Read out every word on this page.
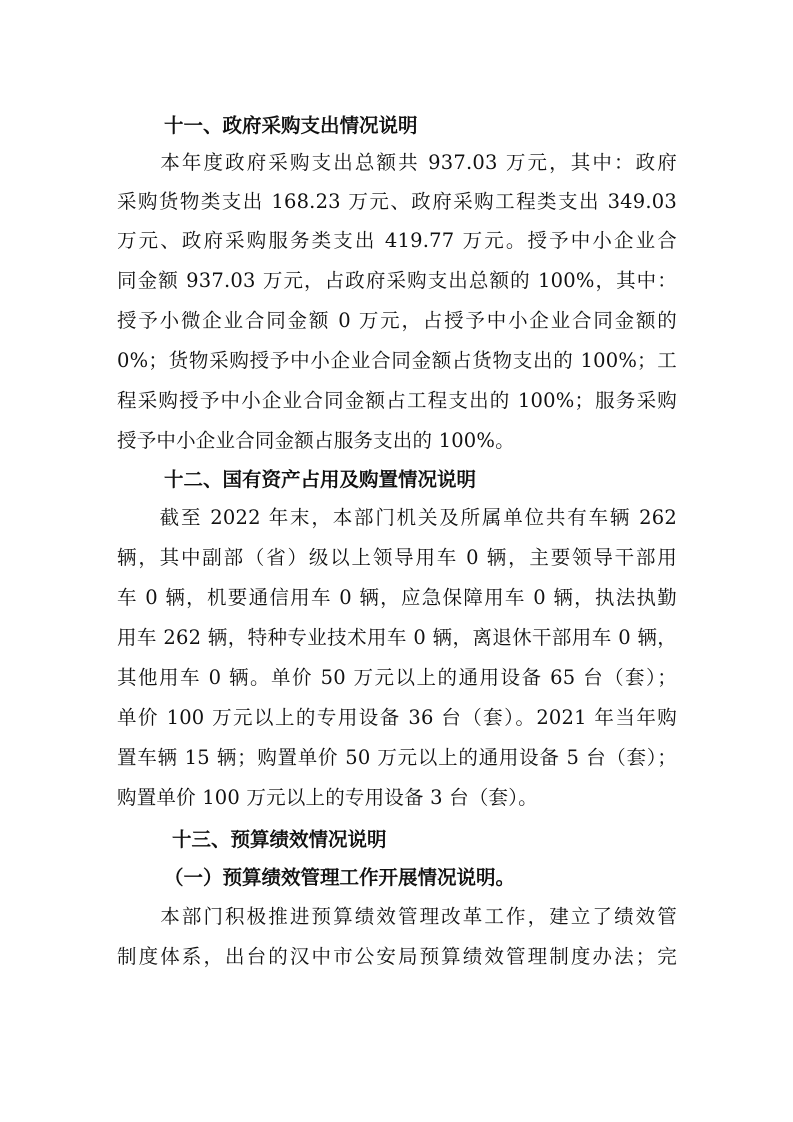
十一、政府采购支出情况说明
　　本年度政府采购支出总额共 937.03 万元，其中：政府
采购货物类支出 168.23 万元、政府采购工程类支出 349.03
万元、政府采购服务类支出 419.77 万元。授予中小企业合
同金额 937.03 万元，占政府采购支出总额的 100%，其中：
授予小微企业合同金额 0 万元，占授予中小企业合同金额的
0%；货物采购授予中小企业合同金额占货物支出的 100%；工
程采购授予中小企业合同金额占工程支出的 100%；服务采购
授予中小企业合同金额占服务支出的 100%。
十二、国有资产占用及购置情况说明
　　截至 2022 年末，本部门机关及所属单位共有车辆 262
辆，其中副部（省）级以上领导用车 0 辆，主要领导干部用
车 0 辆，机要通信用车 0 辆，应急保障用车 0 辆，执法执勤
用车 262 辆，特种专业技术用车 0 辆，离退休干部用车 0 辆，
其他用车 0 辆。单价 50 万元以上的通用设备 65 台（套）；
单价 100 万元以上的专用设备 36 台（套）。2021 年当年购
置车辆 15 辆；购置单价 50 万元以上的通用设备 5 台（套）；
购置单价 100 万元以上的专用设备 3 台（套）。
十三、预算绩效情况说明
（一）预算绩效管理工作开展情况说明。
　　本部门积极推进预算绩效管理改革工作，建立了绩效管
制度体系，出台的汉中市公安局预算绩效管理制度办法；完
